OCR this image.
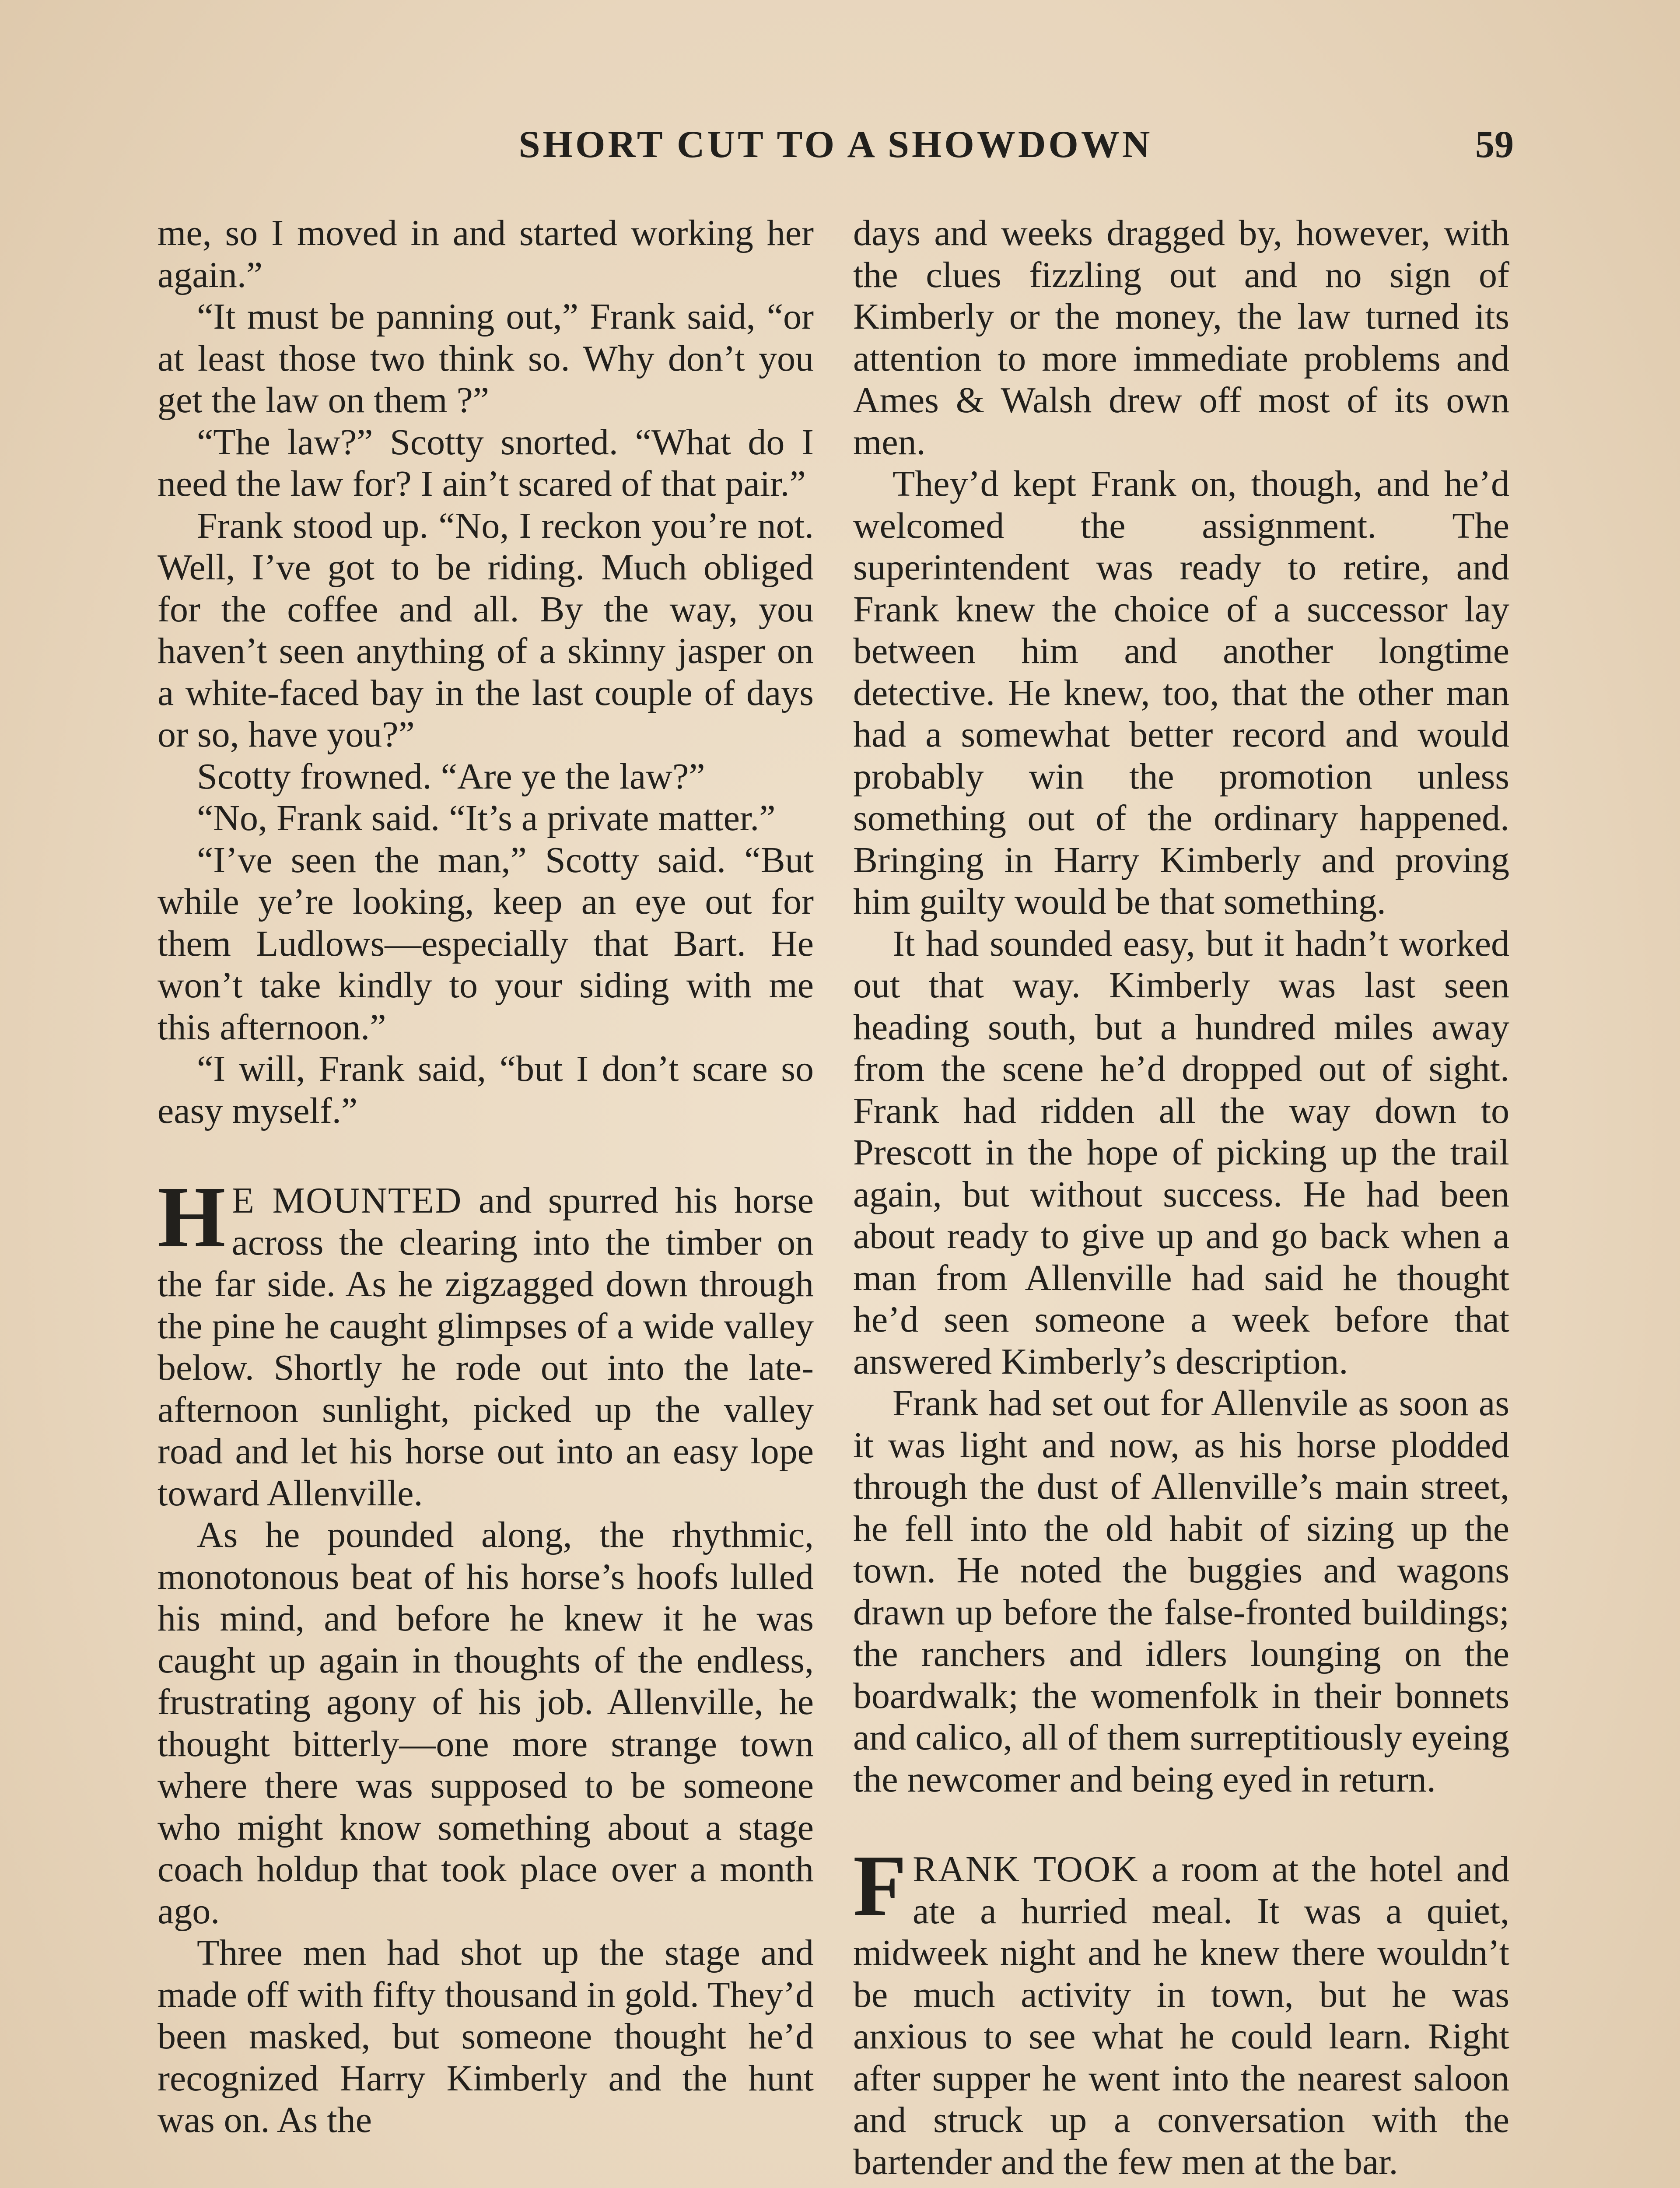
SHORT CUT TO A SHOWDOWN	59

me, so I moved in and started working her again.”

“It must be panning out,” Frank said, “or at least those two think so. Why don’t you get the law on them ?”

“The law?” Scotty snorted. “What do I need the law for? I ain’t scared of that pair.”

Frank stood up. “No, I reckon you’re not. Well, I’ve got to be riding. Much obliged for the coffee and all. By the way, you haven’t seen anything of a skinny jasper on a white-faced bay in the last couple of days or so, have you?”

Scotty frowned. “Are ye the law?”

“No, Frank said. “It’s a private matter.”

“I’ve seen the man,” Scotty said. “But while ye’re looking, keep an eye out for them Ludlows—especially that Bart. He won’t take kindly to your siding with me this afternoon.”

“I will, Frank said, “but I don’t scare so easy myself.”

H E MOUNTED and spurred his horse across the clearing into the timber on the far side. As he zigzagged down through the pine he caught glimpses of a wide valley below. Shortly he rode out into the late-afternoon sunlight, picked up the valley road and let his horse out into an easy lope toward Allenville.

As he pounded along, the rhythmic, monotonous beat of his horse’s hoofs lulled his mind, and before he knew it he was caught up again in thoughts of the endless, frustrating agony of his job. Allenville, he thought bitterly—one more strange town where there was supposed to be someone who might know something about a stage coach holdup that took place over a month ago.

Three men had shot up the stage and made off with fifty thousand in gold. They’d been masked, but someone thought he’d recognized Harry Kimberly and the hunt was on. As the

days and weeks dragged by, however, with the clues fizzling out and no sign of Kimberly or the money, the law turned its attention to more immediate problems and Ames & Walsh drew off most of its own men.

They’d kept Frank on, though, and he’d welcomed the assignment. The superintendent was ready to retire, and Frank knew the choice of a successor lay between him and another longtime detective. He knew, too, that the other man had a somewhat better record and would probably win the promotion unless something out of the ordinary happened. Bringing in Harry Kimberly and proving him guilty would be that something.

It had sounded easy, but it hadn’t worked out that way. Kimberly was last seen heading south, but a hundred miles away from the scene he’d dropped out of sight. Frank had ridden all the way down to Prescott in the hope of picking up the trail again, but without success. He had been about ready to give up and go back when a man from Allenville had said he thought he’d seen someone a week before that answered Kimberly’s description.

Frank had set out for Allenvile as soon as it was light and now, as his horse plodded through the dust of Allenville’s main street, he fell into the old habit of sizing up the town. He noted the buggies and wagons drawn up before the false-fronted buildings; the ranchers and idlers lounging on the boardwalk; the womenfolk in their bonnets and calico, all of them surreptitiously eyeing the newcomer and being eyed in return.

FRANK TOOK a room at the hotel and ate a hurried meal. It was a quiet, midweek night and he knew there wouldn’t be much activity in town, but he was anxious to see what he could learn. Right after supper he went into the nearest saloon and struck up a conversation with the bartender and the few men at the bar.
